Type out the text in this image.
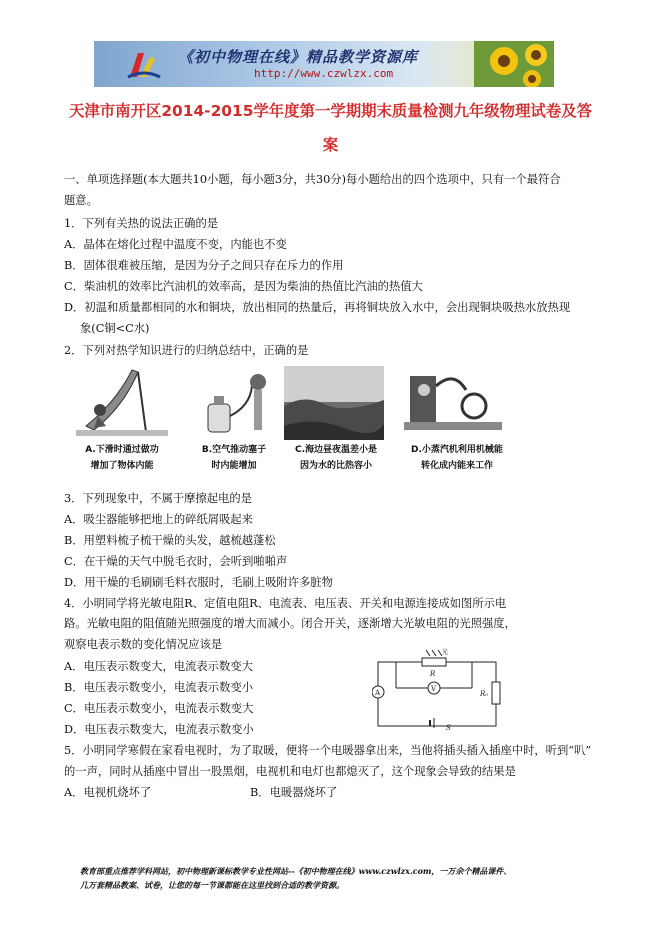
《初中物理在线》精品教学资源库
http://www.czwlzx.com
天津市南开区2014-2015学年度第一学期期末质量检测九年级物理试卷及答
案
一、单项选择题(本大题共10小题，每小题3分，共30分)每小题给出的四个选项中，只有一个最符合
题意。
1．下列有关热的说法正确的是
A．晶体在熔化过程中温度不变，内能也不变
B．固体很难被压缩，是因为分子之间只存在斥力的作用
C．柴油机的效率比汽油机的效率高，是因为柴油的热值比汽油的热值大
D．初温和质量都相同的水和铜块，放出相同的热量后，再将铜块放入水中，会出现铜块吸热水放热现
象(C铜<C水)
2．下列对热学知识进行的归纳总结中，正确的是
A.下滑时通过做功
增加了物体内能
B.空气推动塞子
时内能增加
C.海边昼夜温差小是
因为水的比热容小
D.小蒸汽机利用机械能
转化成内能来工作
3．下列现象中，不属于摩擦起电的是
A．吸尘器能够把地上的碎纸屑吸起来
B．用塑料梳子梳干燥的头发，越梳越蓬松
C．在干燥的天气中脱毛衣时，会听到啪啪声
D．用干燥的毛刷刷毛料衣服时，毛刷上吸附许多脏物
4．小明同学将光敏电阻R、定值电阻R、电流表、电压表、开关和电源连接成如图所示电
路。光敏电阻的阻值随光照强度的增大而减小。闭合开关，逐渐增大光敏电阻的光照强度，
观察电表示数的变化情况应该是
A．电压表示数变大，电流表示数变大
B．电压表示数变小，电流表示数变小
C．电压表示数变小，电流表示数变大
D．电压表示数变大，电流表示数变小
光
R
V
A	R₀
S
5．小明同学寒假在家看电视时，为了取暖，便将一个电暖器拿出来，当他将插头插入插座中时，听到“叭”
的一声，同时从插座中冒出一股黑烟，电视机和电灯也都熄灭了，这个现象会导致的结果是
A．电视机烧坏了	B．电暖器烧坏了
教育部重点推荐学科网站，初中物理新课标教学专业性网站--《初中物理在线》www.czwlzx.com，一万余个精品课件、
几万套精品教案、试卷，让您的每一节课都能在这里找到合适的教学资源。
